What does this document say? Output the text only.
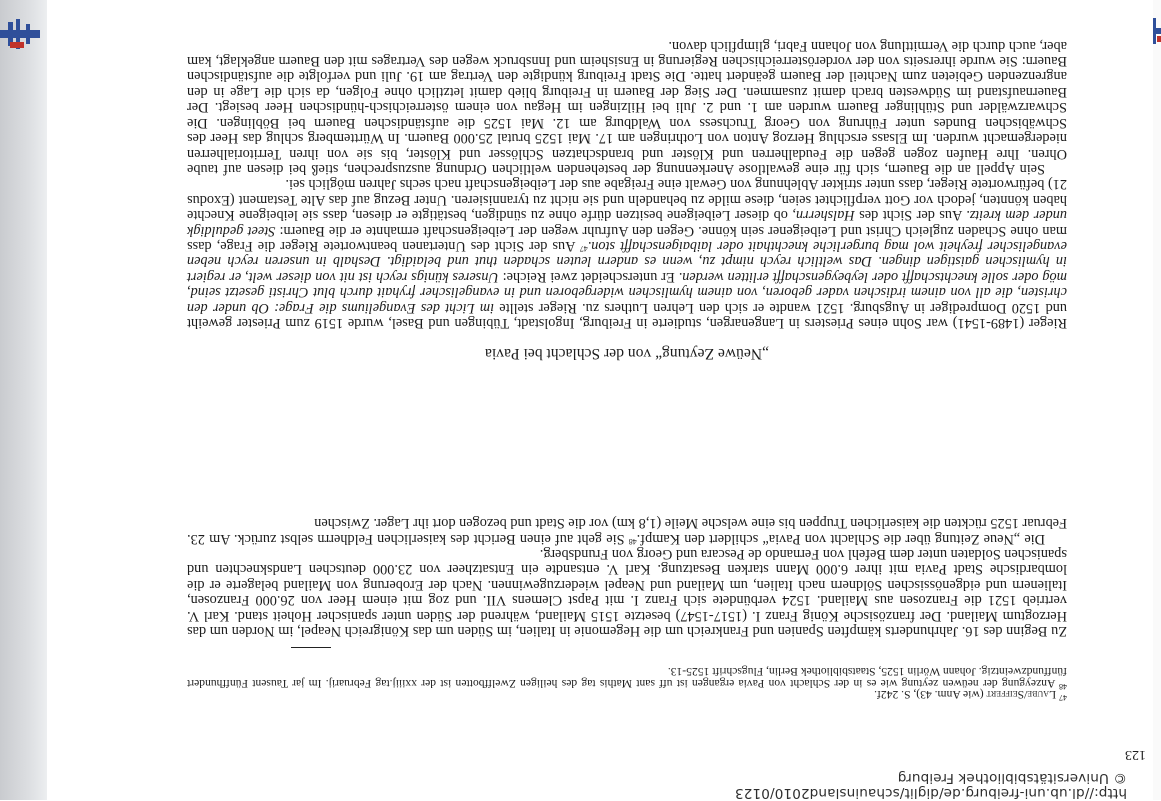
http://dl.ub.uni-freiburg.de/diglit/schauinsland2010/0123
© Universitätsbibliothek Freiburg
123

$^{47}$ Laube/Seiffert (wie Anm. 43), S. 242f.

$^{48}$ Anzeygung der neüwen zeytung wie es in der Schlacht von Pavia ergangen ist uff sant Mathis tag des heiligen Zwelffbotten ist der xxiiij.tag Februarij. Im jar Tausent Fünffhundert fünffundzweintzig. Johann Wörlin 1525, Staatsbibliothek Berlin, Flugschrift 1525-13.

Zu Beginn des 16. Jahrhunderts kämpften Spanien und Frankreich um die Hegemonie in Italien, im Süden um das Königreich Neapel, im Norden um das Herzogtum Mailand. Der französische König Franz I. (1517-1547) besetzte 1515 Mailand, während der Süden unter spanischer Hoheit stand. Karl V. vertrieb 1521 die Franzosen aus Mailand. 1524 verbündete sich Franz I. mit Papst Clemens VII. und zog mit einem Heer von 26.000 Franzosen, Italienern und eidgenössischen Söldnern nach Italien, um Mailand und Neapel wiederzugewinnen. Nach der Eroberung von Mailand belagerte er die lombardische Stadt Pavia mit ihrer 6.000 Mann starken Besatzung. Karl V. entsandte ein Entsatzheer von 23.000 deutschen Landsknechten und spanischen Soldaten unter dem Befehl von Fernando de Pescara und Georg von Frundsberg.

Die „Neue Zeitung über die Schlacht von Pavia“ schildert den Kampf.$^{48}$ Sie geht auf einen Bericht des kaiserlichen Feldherrn selbst zurück. Am 23. Februar 1525 rückten die kaiserlichen Truppen bis eine welsche Meile (1,8 km) vor die Stadt und bezogen dort ihr Lager. Zwischen

„Neüwe Zeytung“ von der Schlacht bei Pavia

Rieger (1489-1541) war Sohn eines Priesters in Langenargen, studierte in Freiburg, Ingolstadt, Tübingen und Basel, wurde 1519 zum Priester geweiht und 1520 Domprediger in Augsburg. 1521 wandte er sich den Lehren Luthers zu. Rieger stellte im Licht des Evangeliums die Frage: Ob under den christen, die all von ainem irdischen vader geboren, von ainem hymlischen widergeboren und in evangelischer fryhait durch blut Christi gesetzt seind, mög oder solle knechtschafft oder leybeygenschafft erlitten werden. Er unterscheidet zwei Reiche: Unseres künigs reych ist nit von dieser welt, er regiert in hymlischen gaistigen dingen. Das weltlich reych nimpt zu, wenn es andern leuten schaden thut und belaidigt. Deshalb in unseren reych neben evangelischer freyheit wol mag burgerliche knechthait oder laibaigenschafft ston.$^{47}$ Aus der Sicht des Untertanen beantwortete Rieger die Frage, dass man ohne Schaden zugleich Christ und Leibeigener sein könne. Gegen den Aufruhr wegen der Leibeigenschaft ermahnte er die Bauern: Steet geduldigk under dem kreitz. Aus der Sicht des Halsherrn, ob dieser Leibeigene besitzen dürfe ohne zu sündigen, bestätigte er diesen, dass sie leibeigene Knechte haben könnten, jedoch vor Gott verpflichtet seien, diese milde zu behandeln und sie nicht zu tyrannisieren. Unter Bezug auf das Alte Testament (Exodus 21) befürwortete Rieger, dass unter strikter Ablehnung von Gewalt eine Freigabe aus der Leibeigenschaft nach sechs Jahren möglich sei.

Sein Appell an die Bauern, sich für eine gewaltlose Anerkennung der bestehenden weltlichen Ordnung auszusprechen, stieß bei diesen auf taube Ohren. Ihre Haufen zogen gegen die Feudalherren und Klöster und brandschatzen Schlösser und Klöster, bis sie von ihren Territorialherren niedergemacht wurden. Im Elsass erschlug Herzog Anton von Lothringen am 17. Mai 1525 brutal 25.000 Bauern. In Württemberg schlug das Heer des Schwäbischen Bundes unter Führung von Georg Truchsess von Waldburg am 12. Mai 1525 die aufständischen Bauern bei Böblingen. Die Schwarzwälder und Stühlinger Bauern wurden am 1. und 2. Juli bei Hilzingen im Hegau von einem österreichisch-hündischen Heer besiegt. Der Bauernaufstand im Südwesten brach damit zusammen. Der Sieg der Bauern in Freiburg blieb damit letztlich ohne Folgen, da sich die Lage in den angrenzenden Gebieten zum Nachteil der Bauern geändert hatte. Die Stadt Freiburg kündigte den Vertrag am 19. Juli und verfolgte die aufständischen Bauern: Sie wurde ihrerseits von der vorderösterreichischen Regierung in Ensisheim und Innsbruck wegen des Vertrages mit den Bauern angeklagt, kam aber, auch durch die Vermittlung von Johann Fabri, glimpflich davon.
